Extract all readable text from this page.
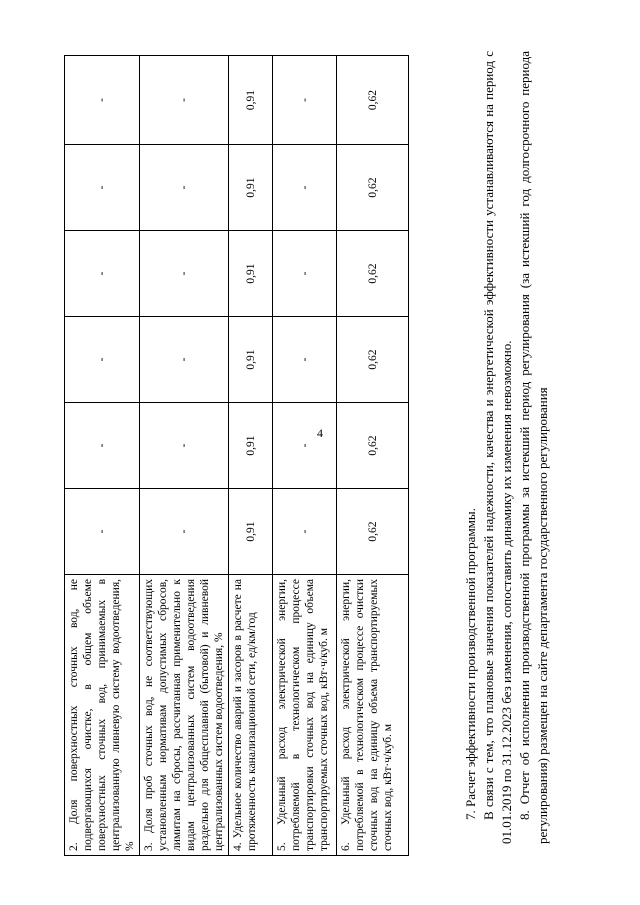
4
2. Доля поверхностных сточных вод, не подвергающихся очистке, в общем объеме поверхностных сточных вод, принимаемых в централизованную ливневую систему водоотведения, %	-	-	-	-	-	-
3. Доля проб сточных вод, не соответствующих установленным нормативам допустимых сбросов, лимитам на сбросы, рассчитанная применительно к видам централизованных систем водоотведения раздельно для общесплавной (бытовой) и ливневой централизованных систем водоотведения, %	-	-	-	-	-	-
4. Удельное количество аварий и засоров в расчете на протяженность канализационной сети, ед/км/год	0,91	0,91	0,91	0,91	0,91	0,91
5. Удельный расход электрической энергии, потребляемой в технологическом процессе транспортировки сточных вод на единицу объема транспортируемых сточных вод, кВт·ч/куб. м	-	-	-	-	-	-
6. Удельный расход электрической энергии, потребляемой в технологическом процессе очистки сточных вод на единицу объема транспортируемых сточных вод, кВт·ч/куб. м	0,62	0,62	0,62	0,62	0,62	0,62

7. Расчет эффективности производственной программы. В связи с тем, что плановые значения показателей надежности, качества и энергетической эффективности устанавливаются на период с 01.01.2019 по 31.12.2023 без изменения, сопоставить динамику их изменения невозможно. 8. Отчет об исполнении производственной программы за истекший период регулирования (за истекший год долгосрочного периода регулирования) размещен на сайте департамента государственного регулирования
